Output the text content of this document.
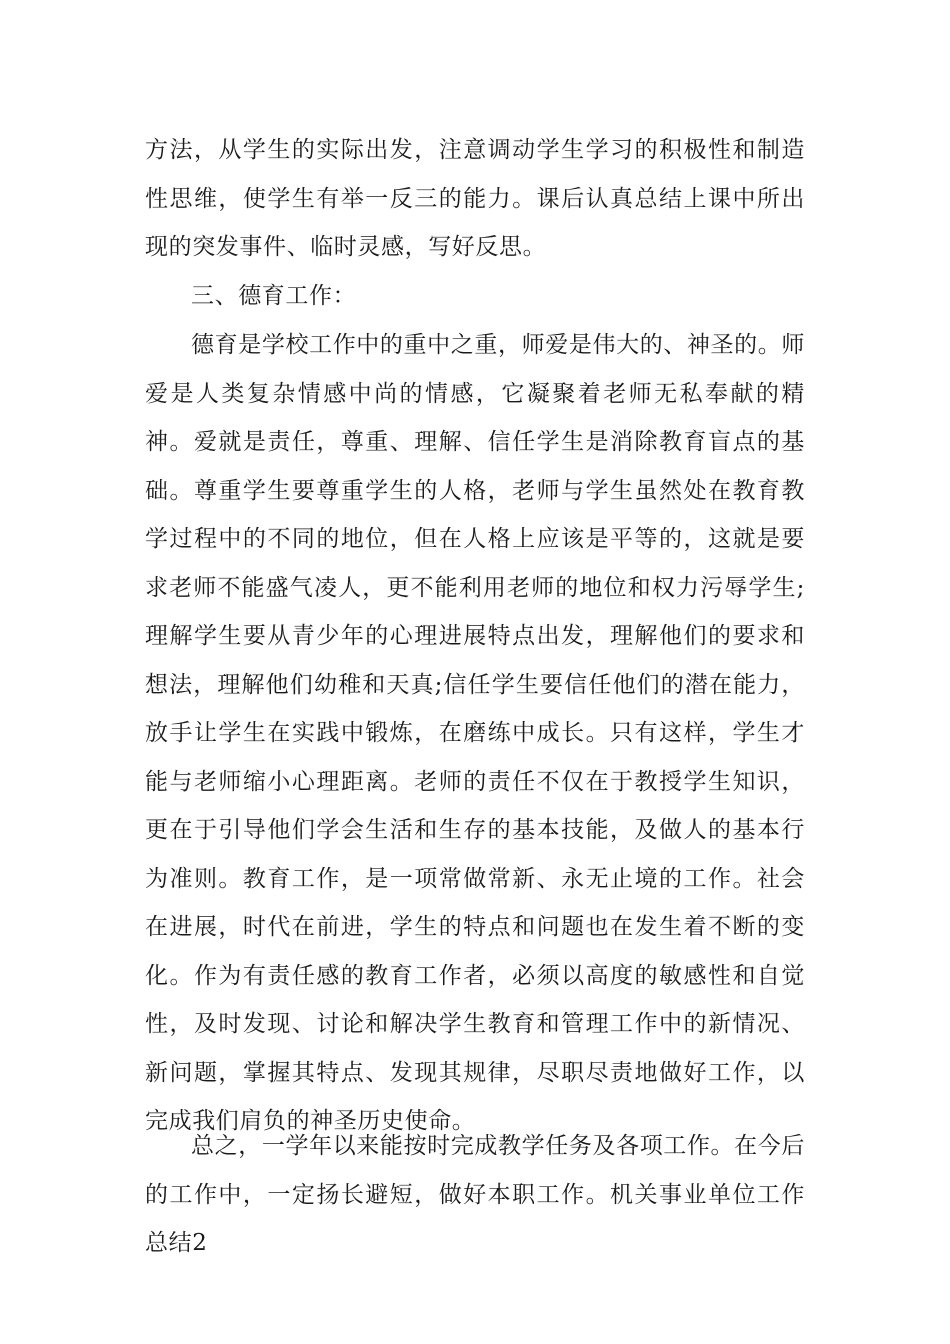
方法，从学生的实际出发，注意调动学生学习的积极性和制造性思维，使学生有举一反三的能力。课后认真总结上课中所出现的突发事件、临时灵感，写好反思。

三、德育工作：

德育是学校工作中的重中之重，师爱是伟大的、神圣的。师爱是人类复杂情感中尚的情感，它凝聚着老师无私奉献的精神。爱就是责任，尊重、理解、信任学生是消除教育盲点的基础。尊重学生要尊重学生的人格，老师与学生虽然处在教育教学过程中的不同的地位，但在人格上应该是平等的，这就是要求老师不能盛气凌人，更不能利用老师的地位和权力污辱学生;理解学生要从青少年的心理进展特点出发，理解他们的要求和想法，理解他们幼稚和天真;信任学生要信任他们的潜在能力，放手让学生在实践中锻炼，在磨练中成长。只有这样，学生才能与老师缩小心理距离。老师的责任不仅在于教授学生知识，更在于引导他们学会生活和生存的基本技能，及做人的基本行为准则。教育工作，是一项常做常新、永无止境的工作。社会在进展，时代在前进，学生的特点和问题也在发生着不断的变化。作为有责任感的教育工作者，必须以高度的敏感性和自觉性，及时发现、讨论和解决学生教育和管理工作中的新情况、新问题，掌握其特点、发现其规律，尽职尽责地做好工作，以完成我们肩负的神圣历史使命。

总之，一学年以来能按时完成教学任务及各项工作。在今后的工作中，一定扬长避短，做好本职工作。机关事业单位工作总结2
